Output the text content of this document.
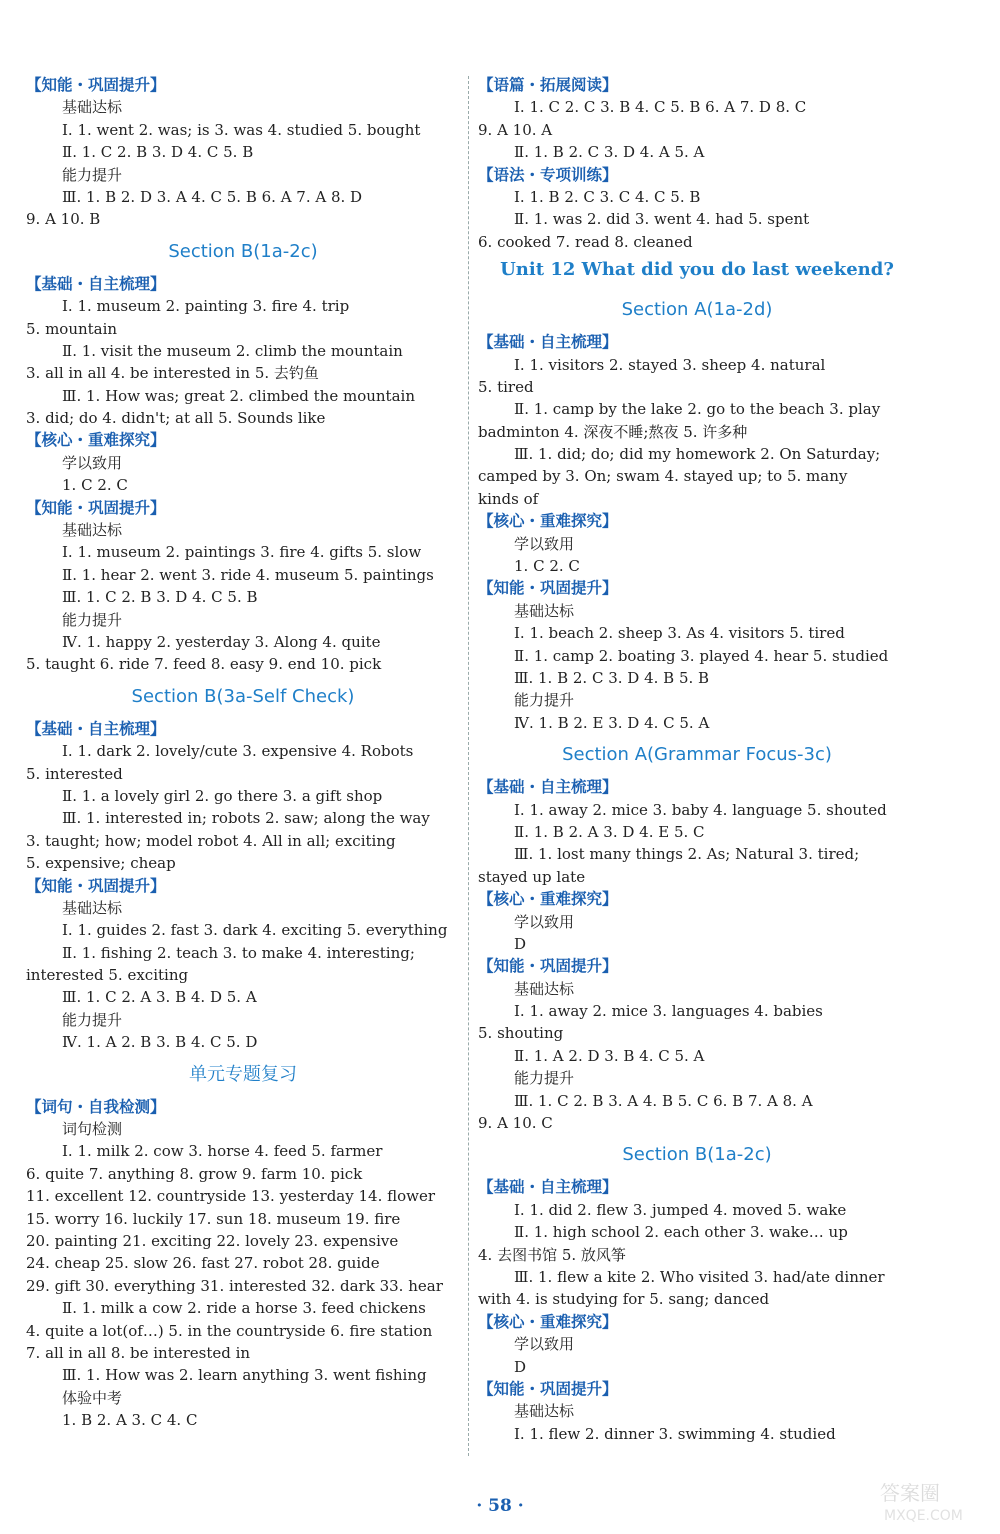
【知能・巩固提升】
基础达标
Ⅰ. 1. went 2. was; is 3. was 4. studied 5. bought
Ⅱ. 1. C 2. B 3. D 4. C 5. B
能力提升
Ⅲ. 1. B 2. D 3. A 4. C 5. B 6. A 7. A 8. D
9. A 10. B
Section B(1a-2c)
【基础・自主梳理】
Ⅰ. 1. museum 2. painting 3. fire 4. trip
5. mountain
Ⅱ. 1. visit the museum 2. climb the mountain
3. all in all 4. be interested in 5. 去钓鱼
Ⅲ. 1. How was; great 2. climbed the mountain
3. did; do 4. didn't; at all 5. Sounds like
【核心・重难探究】
学以致用
1. C 2. C
【知能・巩固提升】
基础达标
Ⅰ. 1. museum 2. paintings 3. fire 4. gifts 5. slow
Ⅱ. 1. hear 2. went 3. ride 4. museum 5. paintings
Ⅲ. 1. C 2. B 3. D 4. C 5. B
能力提升
Ⅳ. 1. happy 2. yesterday 3. Along 4. quite
5. taught 6. ride 7. feed 8. easy 9. end 10. pick
Section B(3a-Self Check)
【基础・自主梳理】
Ⅰ. 1. dark 2. lovely/cute 3. expensive 4. Robots
5. interested
Ⅱ. 1. a lovely girl 2. go there 3. a gift shop
Ⅲ. 1. interested in; robots 2. saw; along the way
3. taught; how; model robot 4. All in all; exciting
5. expensive; cheap
【知能・巩固提升】
基础达标
Ⅰ. 1. guides 2. fast 3. dark 4. exciting 5. everything
Ⅱ. 1. fishing 2. teach 3. to make 4. interesting;
interested 5. exciting
Ⅲ. 1. C 2. A 3. B 4. D 5. A
能力提升
Ⅳ. 1. A 2. B 3. B 4. C 5. D
单元专题复习
【词句・自我检测】
词句检测
Ⅰ. 1. milk 2. cow 3. horse 4. feed 5. farmer
6. quite 7. anything 8. grow 9. farm 10. pick
11. excellent 12. countryside 13. yesterday 14. flower
15. worry 16. luckily 17. sun 18. museum 19. fire
20. painting 21. exciting 22. lovely 23. expensive
24. cheap 25. slow 26. fast 27. robot 28. guide
29. gift 30. everything 31. interested 32. dark 33. hear
Ⅱ. 1. milk a cow 2. ride a horse 3. feed chickens
4. quite a lot(of…) 5. in the countryside 6. fire station
7. all in all 8. be interested in
Ⅲ. 1. How was 2. learn anything 3. went fishing
体验中考
1. B 2. A 3. C 4. C
【语篇・拓展阅读】
Ⅰ. 1. C 2. C 3. B 4. C 5. B 6. A 7. D 8. C
9. A 10. A
Ⅱ. 1. B 2. C 3. D 4. A 5. A
【语法・专项训练】
Ⅰ. 1. B 2. C 3. C 4. C 5. B
Ⅱ. 1. was 2. did 3. went 4. had 5. spent
6. cooked 7. read 8. cleaned
Unit 12 What did you do last weekend?
Section A(1a-2d)
【基础・自主梳理】
Ⅰ. 1. visitors 2. stayed 3. sheep 4. natural
5. tired
Ⅱ. 1. camp by the lake 2. go to the beach 3. play
badminton 4. 深夜不睡;熬夜 5. 许多种
Ⅲ. 1. did; do; did my homework 2. On Saturday;
camped by 3. On; swam 4. stayed up; to 5. many
kinds of
【核心・重难探究】
学以致用
1. C 2. C
【知能・巩固提升】
基础达标
Ⅰ. 1. beach 2. sheep 3. As 4. visitors 5. tired
Ⅱ. 1. camp 2. boating 3. played 4. hear 5. studied
Ⅲ. 1. B 2. C 3. D 4. B 5. B
能力提升
Ⅳ. 1. B 2. E 3. D 4. C 5. A
Section A(Grammar Focus-3c)
【基础・自主梳理】
Ⅰ. 1. away 2. mice 3. baby 4. language 5. shouted
Ⅱ. 1. B 2. A 3. D 4. E 5. C
Ⅲ. 1. lost many things 2. As; Natural 3. tired;
stayed up late
【核心・重难探究】
学以致用
D
【知能・巩固提升】
基础达标
Ⅰ. 1. away 2. mice 3. languages 4. babies
5. shouting
Ⅱ. 1. A 2. D 3. B 4. C 5. A
能力提升
Ⅲ. 1. C 2. B 3. A 4. B 5. C 6. B 7. A 8. A
9. A 10. C
Section B(1a-2c)
【基础・自主梳理】
Ⅰ. 1. did 2. flew 3. jumped 4. moved 5. wake
Ⅱ. 1. high school 2. each other 3. wake… up
4. 去图书馆 5. 放风筝
Ⅲ. 1. flew a kite 2. Who visited 3. had/ate dinner
with 4. is studying for 5. sang; danced
【核心・重难探究】
学以致用
D
【知能・巩固提升】
基础达标
Ⅰ. 1. flew 2. dinner 3. swimming 4. studied
· 58 ·
答案圈
MXQE.COM
